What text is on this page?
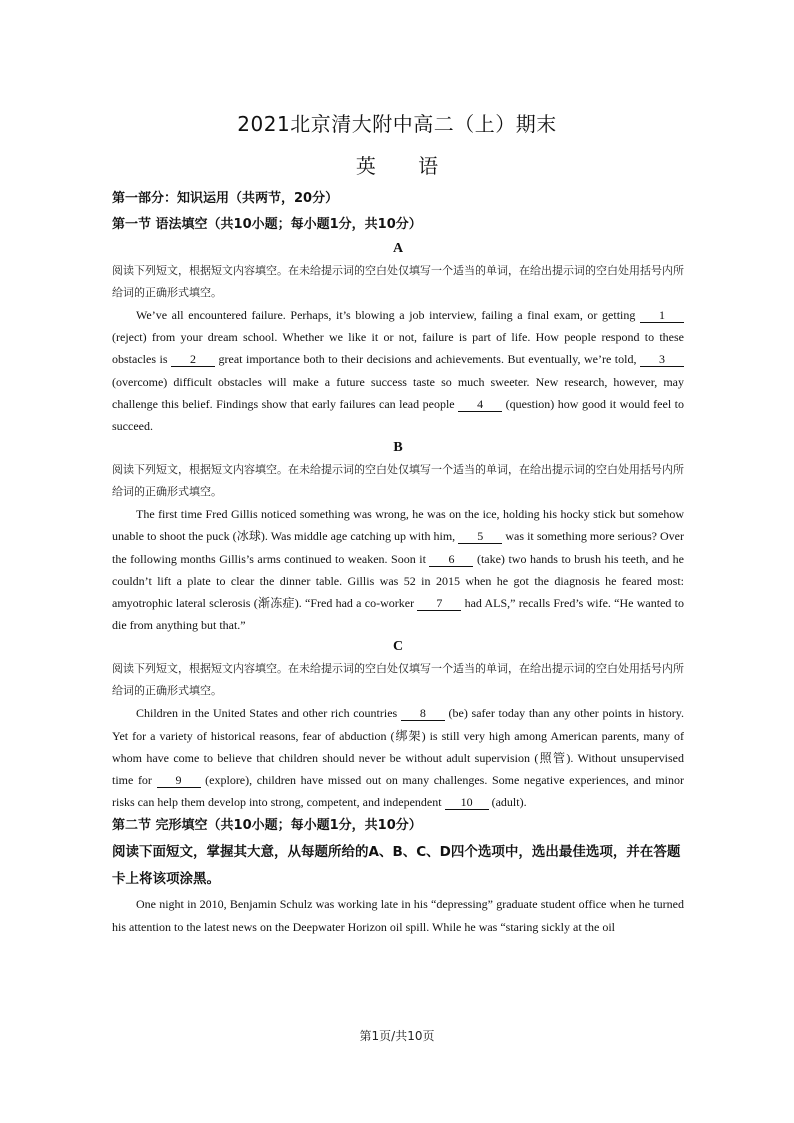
2021北京清大附中高二（上）期末
英 语

第一部分：知识运用（共两节，20分）

第一节 语法填空（共10小题；每小题1分，共10分）

A

阅读下列短文，根据短文内容填空。在未给提示词的空白处仅填写一个适当的单词，在给出提示词的空白处用括号内所给词的正确形式填空。

We’ve all encountered failure. Perhaps, it’s blowing a job interview, failing a final exam, or getting 1 (reject) from your dream school. Whether we like it or not, failure is part of life. How people respond to these obstacles is 2 great importance both to their decisions and achievements. But eventually, we’re told, 3 (overcome) difficult obstacles will make a future success taste so much sweeter. New research, however, may challenge this belief. Findings show that early failures can lead people 4 (question) how good it would feel to succeed.

B

阅读下列短文，根据短文内容填空。在未给提示词的空白处仅填写一个适当的单词，在给出提示词的空白处用括号内所给词的正确形式填空。

The first time Fred Gillis noticed something was wrong, he was on the ice, holding his hocky stick but somehow unable to shoot the puck (冰球). Was middle age catching up with him, 5 was it something more serious? Over the following months Gillis’s arms continued to weaken. Soon it 6 (take) two hands to brush his teeth, and he couldn’t lift a plate to clear the dinner table. Gillis was 52 in 2015 when he got the diagnosis he feared most: amyotrophic lateral sclerosis (渐冻症). “Fred had a co-worker 7 had ALS,” recalls Fred’s wife. “He wanted to die from anything but that.”

C

阅读下列短文，根据短文内容填空。在未给提示词的空白处仅填写一个适当的单词，在给出提示词的空白处用括号内所给词的正确形式填空。

Children in the United States and other rich countries 8 (be) safer today than any other points in history. Yet for a variety of historical reasons, fear of abduction (绑架) is still very high among American parents, many of whom have come to believe that children should never be without adult supervision (照管). Without unsupervised time for 9 (explore), children have missed out on many challenges. Some negative experiences, and minor risks can help them develop into strong, competent, and independent 10 (adult).

第二节 完形填空（共10小题；每小题1分，共10分）

阅读下面短文，掌握其大意，从每题所给的A、B、C、D四个选项中，选出最佳选项，并在答题卡上将该项涂黑。

One night in 2010, Benjamin Schulz was working late in his “depressing” graduate student office when he turned his attention to the latest news on the Deepwater Horizon oil spill. While he was “staring sickly at the oil

第1页/共10页
